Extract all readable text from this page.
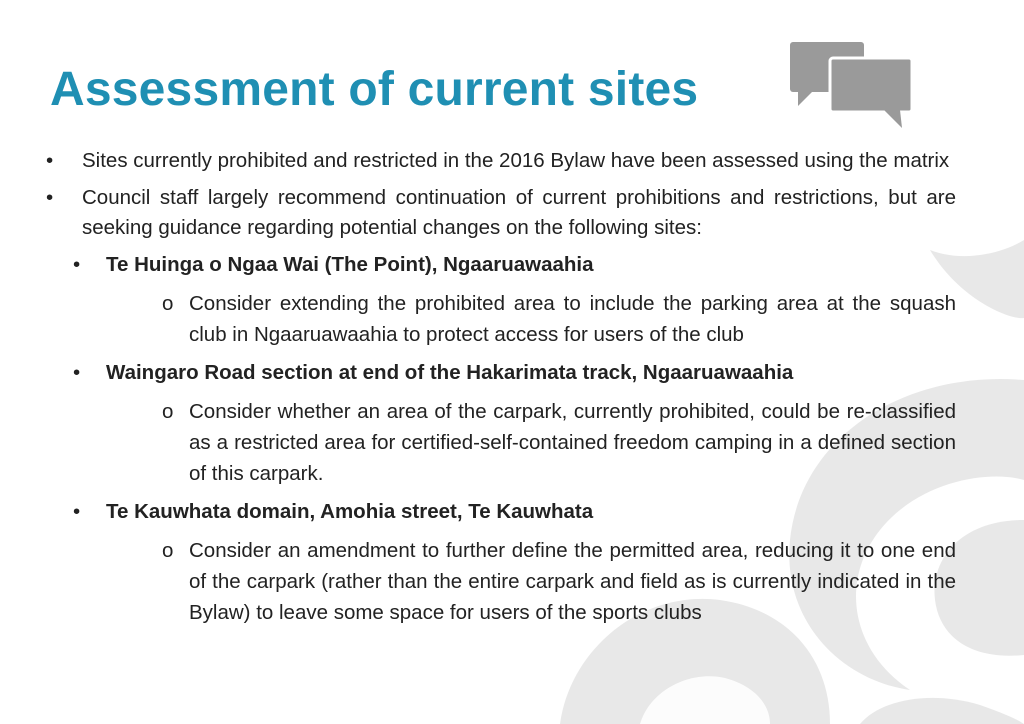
Assessment of current sites
• Sites currently prohibited and restricted in the 2016 Bylaw have been assessed using the matrix
• Council staff largely recommend continuation of current prohibitions and restrictions, but are seeking guidance regarding potential changes on the following sites:
• Te Huinga o Ngaa Wai (The Point), Ngaaruawaahia
o Consider extending the prohibited area to include the parking area at the squash club in Ngaaruawaahia to protect access for users of the club
• Waingaro Road section at end of the Hakarimata track, Ngaaruawaahia
o Consider whether an area of the carpark, currently prohibited, could be re-classified as a restricted area for certified-self-contained freedom camping in a defined section of this carpark.
• Te Kauwhata domain, Amohia street, Te Kauwhata
o Consider an amendment to further define the permitted area, reducing it to one end of the carpark (rather than the entire carpark and field as is currently indicated in the Bylaw) to leave some space for users of the sports clubs
